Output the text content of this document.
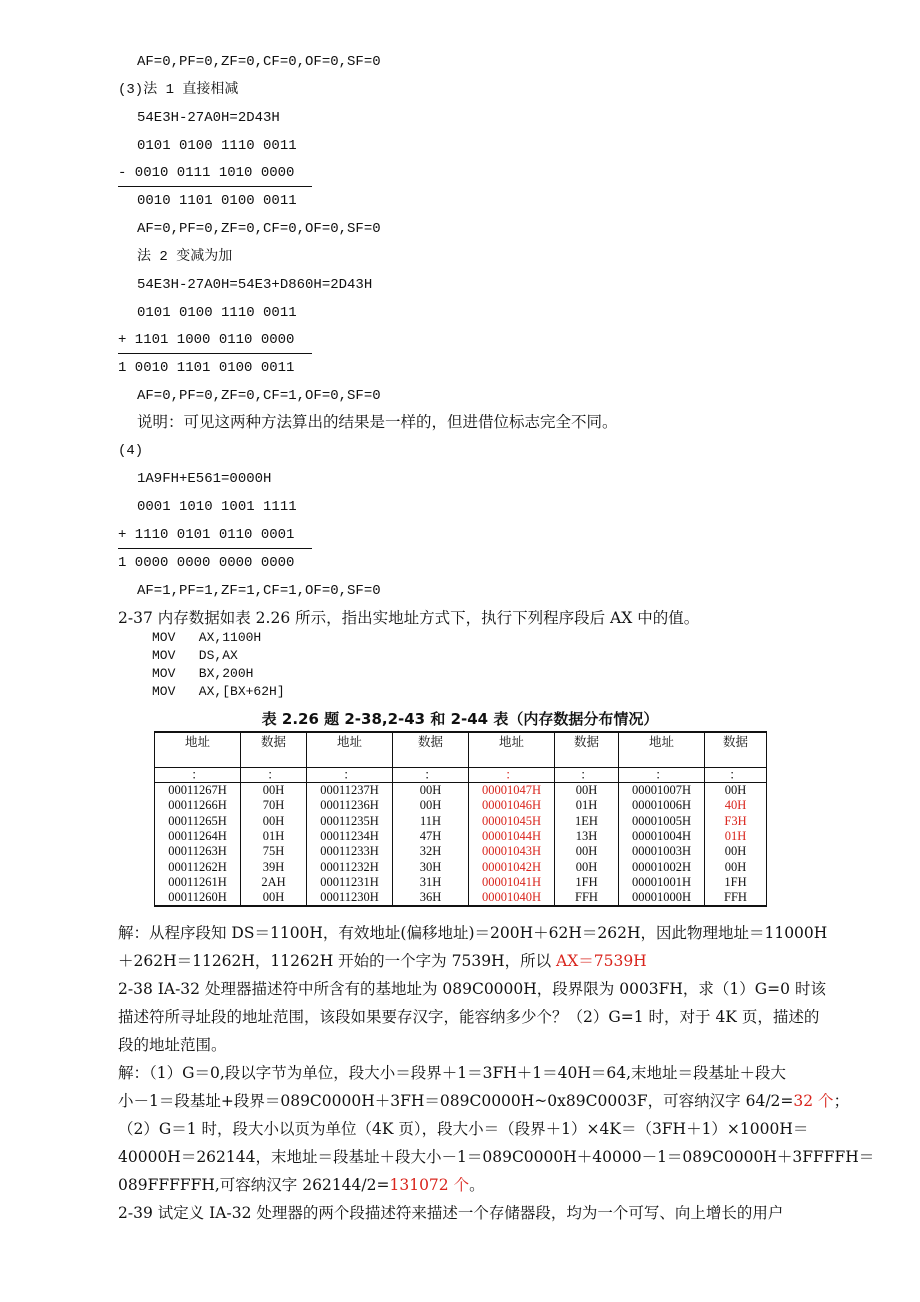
AF=0,PF=0,ZF=0,CF=0,OF=0,SF=0
(3)法 1 直接相减
54E3H-27A0H=2D43H
0101 0100 1110 0011
- 0010 0111 1010 0000
0010 1101 0100 0011
AF=0,PF=0,ZF=0,CF=0,OF=0,SF=0
法 2 变减为加
54E3H-27A0H=54E3+D860H=2D43H
0101 0100 1110 0011
+ 1101 1000 0110 0000
1 0010 1101 0100 0011
AF=0,PF=0,ZF=0,CF=1,OF=0,SF=0
说明：可见这两种方法算出的结果是一样的，但进借位标志完全不同。
(4)
1A9FH+E561=0000H
0001 1010 1001 1111
+ 1110 0101 0110 0001
1 0000 0000 0000 0000
AF=1,PF=1,ZF=1,CF=1,OF=0,SF=0
2-37 内存数据如表 2.26 所示，指出实地址方式下，执行下列程序段后 AX 中的值。
MOV   AX,1100H
MOV   DS,AX
MOV   BX,200H
MOV   AX,[BX+62H]
表 2.26 题 2-38,2-43 和 2-44 表（内存数据分布情况）
地址	数据	地址	数据	地址	数据	地址	数据
：	：	：	：	：	：	：	：
00011267H	00H	00011237H	00H	00001047H	00H	00001007H	00H
00011266H	70H	00011236H	00H	00001046H	01H	00001006H	40H
00011265H	00H	00011235H	11H	00001045H	1EH	00001005H	F3H
00011264H	01H	00011234H	47H	00001044H	13H	00001004H	01H
00011263H	75H	00011233H	32H	00001043H	00H	00001003H	00H
00011262H	39H	00011232H	30H	00001042H	00H	00001002H	00H
00011261H	2AH	00011231H	31H	00001041H	1FH	00001001H	1FH
00011260H	00H	00011230H	36H	00001040H	FFH	00001000H	FFH
解：从程序段知 DS＝1100H，有效地址(偏移地址)＝200H＋62H＝262H，因此物理地址＝11000H
＋262H＝11262H，11262H 开始的一个字为 7539H，所以 AX＝7539H
2-38 IA-32 处理器描述符中所含有的基地址为 089C0000H，段界限为 0003FH，求（1）G=0 时该
描述符所寻址段的地址范围，该段如果要存汉字，能容纳多少个？（2）G=1 时，对于 4K 页，描述的
段的地址范围。
解：（1）G＝0,段以字节为单位，段大小＝段界＋1＝3FH＋1＝40H＝64,末地址＝段基址＋段大
小－1＝段基址+段界＝089C0000H＋3FH＝089C0000H~0x89C0003F，可容纳汉字 64/2=32 个；
（2）G＝1 时，段大小以页为单位（4K 页），段大小＝（段界＋1）×4K＝（3FH＋1）×1000H＝
40000H＝262144，末地址＝段基址＋段大小－1＝089C0000H＋40000－1＝089C0000H＋3FFFFH＝
089FFFFFH,可容纳汉字 262144/2=131072 个。
2-39 试定义 IA-32 处理器的两个段描述符来描述一个存储器段，均为一个可写、向上增长的用户
